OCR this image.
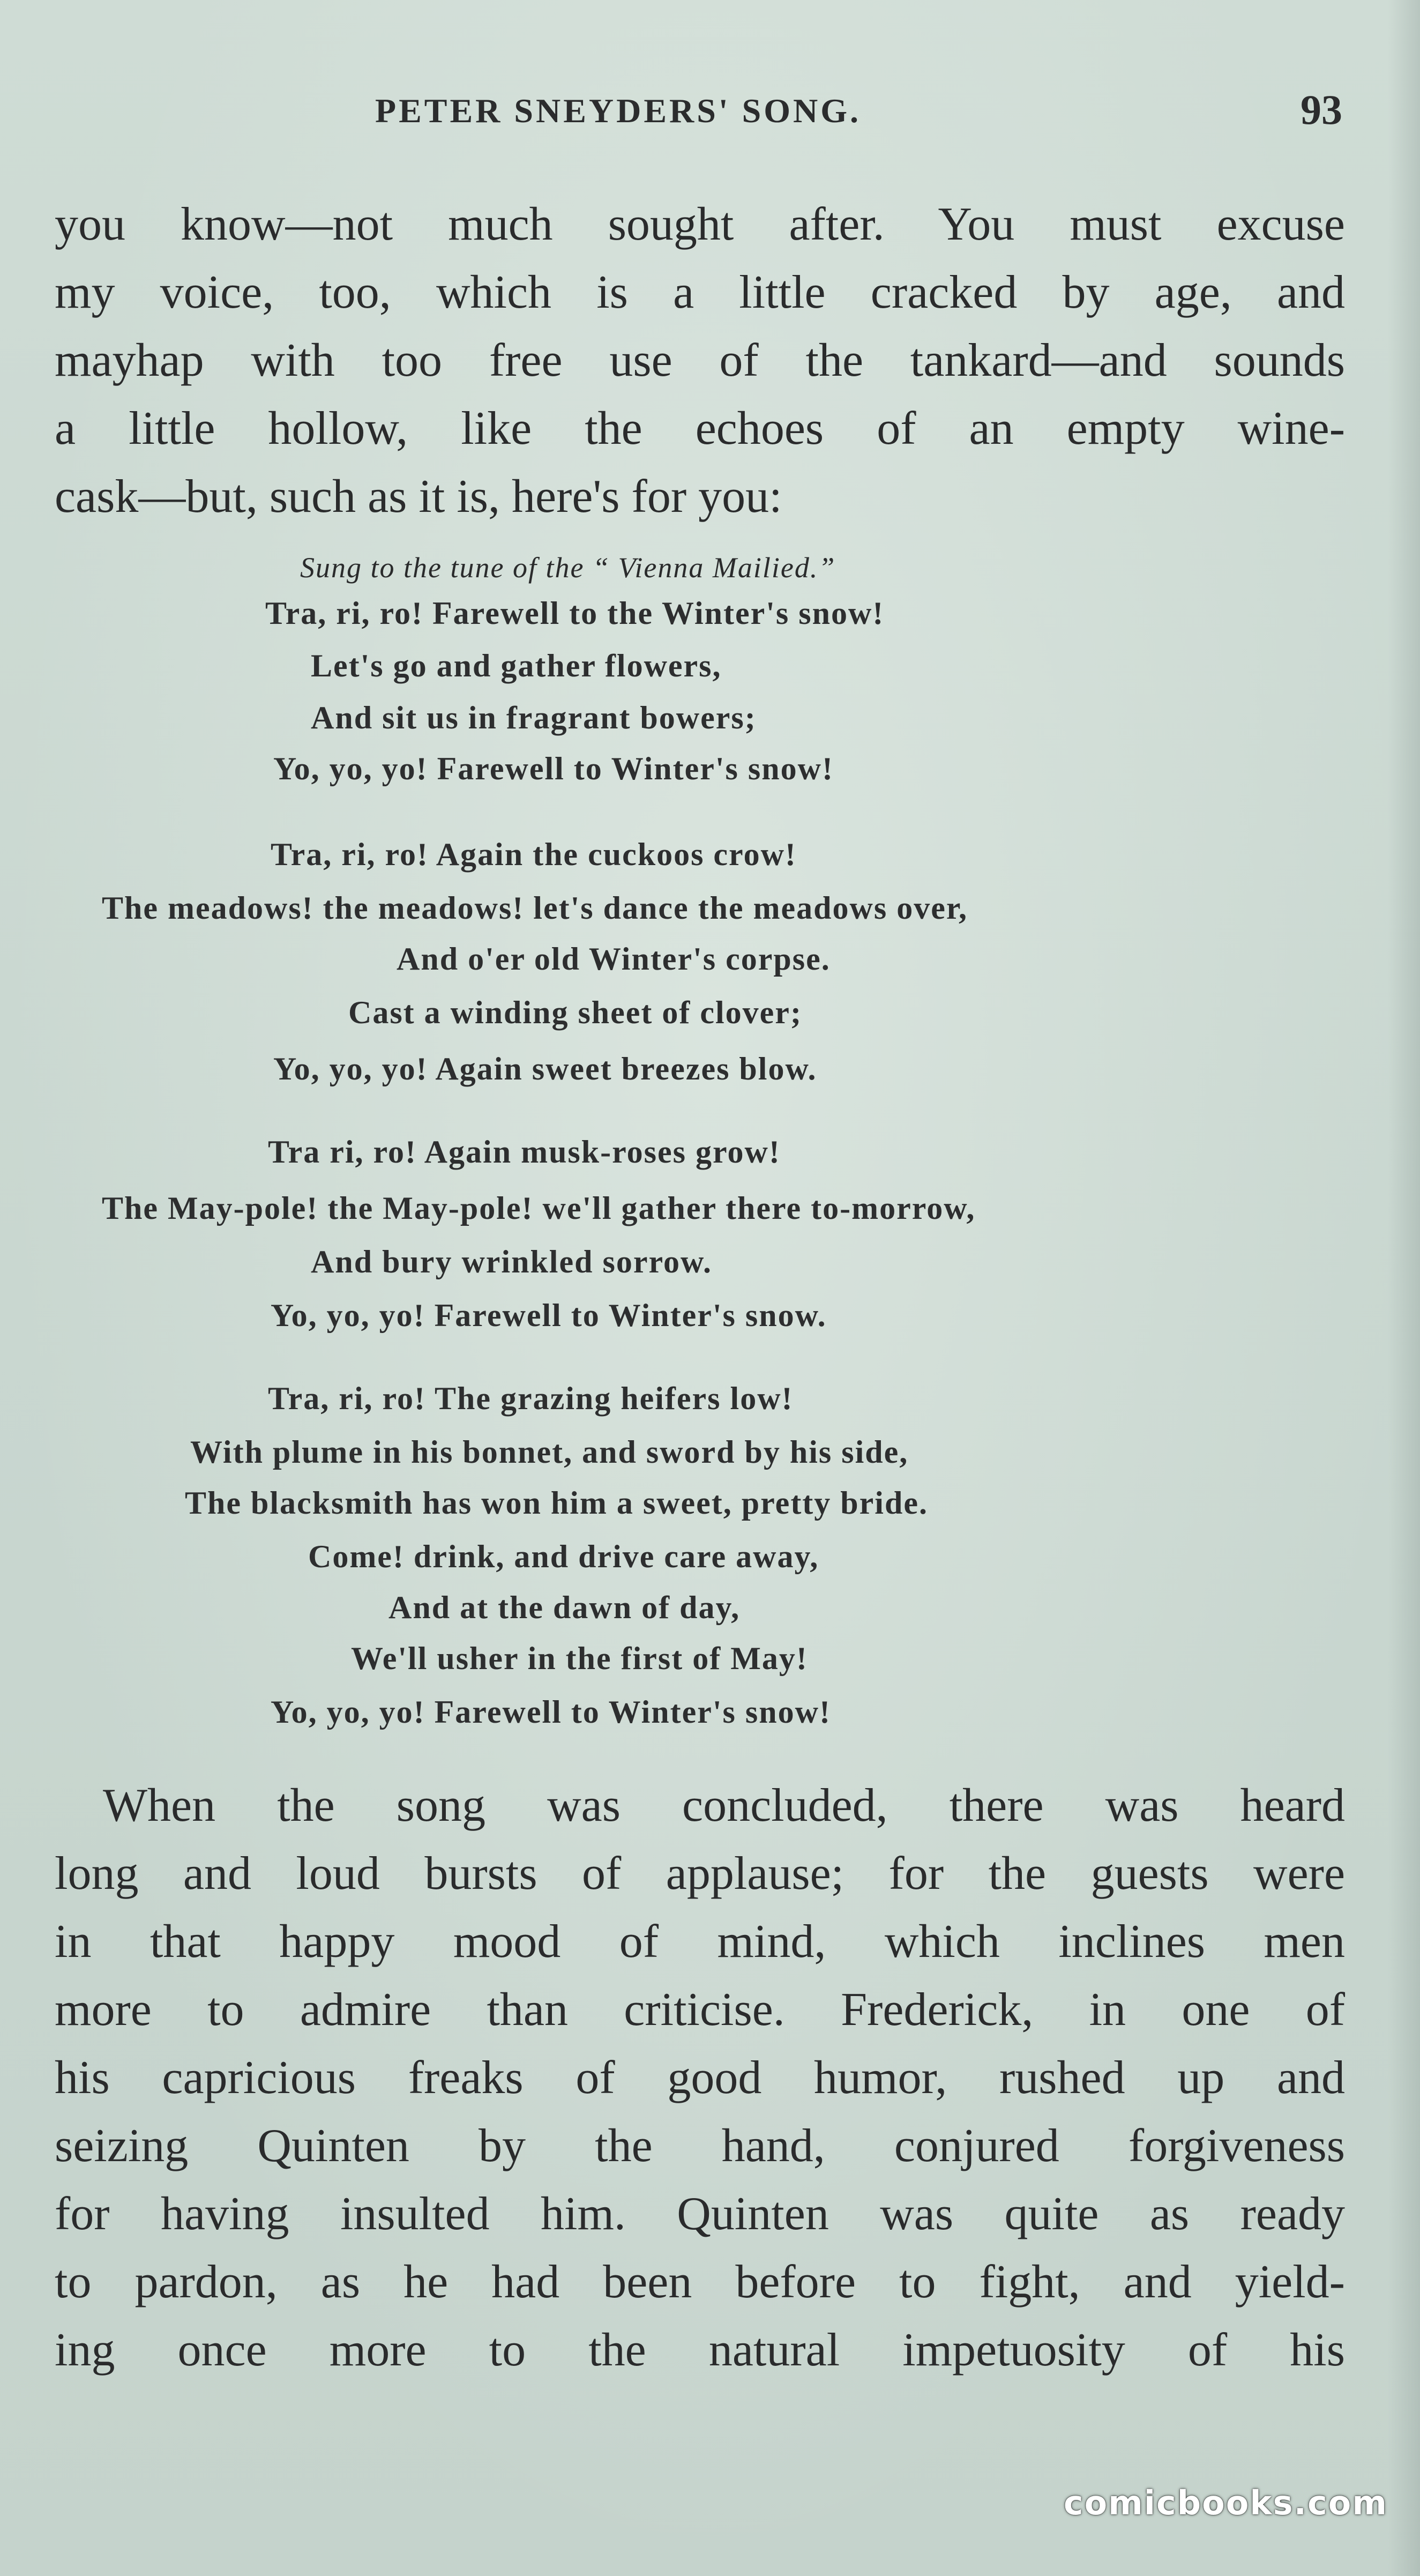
PETER SNEYDERS' SONG.	93
you know—not much sought after. You must excuse
my voice, too, which is a little cracked by age, and
mayhap with too free use of the tankard—and sounds
a little hollow, like the echoes of an empty wine-
cask—but, such as it is, here's for you:
Sung to the tune of the “ Vienna Mailied.”
Tra, ri, ro! Farewell to the Winter's snow!
Let's go and gather flowers,
And sit us in fragrant bowers;
Yo, yo, yo! Farewell to Winter's snow!
Tra, ri, ro! Again the cuckoos crow!
The meadows! the meadows! let's dance the meadows over,
And o'er old Winter's corpse.
Cast a winding sheet of clover;
Yo, yo, yo! Again sweet breezes blow.
Tra ri, ro! Again musk-roses grow!
The May-pole! the May-pole! we'll gather there to-morrow,
And bury wrinkled sorrow.
Yo, yo, yo! Farewell to Winter's snow.
Tra, ri, ro! The grazing heifers low!
With plume in his bonnet, and sword by his side,
The blacksmith has won him a sweet, pretty bride.
Come! drink, and drive care away,
And at the dawn of day,
We'll usher in the first of May!
Yo, yo, yo! Farewell to Winter's snow!
When the song was concluded, there was heard
long and loud bursts of applause; for the guests were
in that happy mood of mind, which inclines men
more to admire than criticise. Frederick, in one of
his capricious freaks of good humor, rushed up and
seizing Quinten by the hand, conjured forgiveness
for having insulted him. Quinten was quite as ready
to pardon, as he had been before to fight, and yield-
ing once more to the natural impetuosity of his
comicbooks.com
